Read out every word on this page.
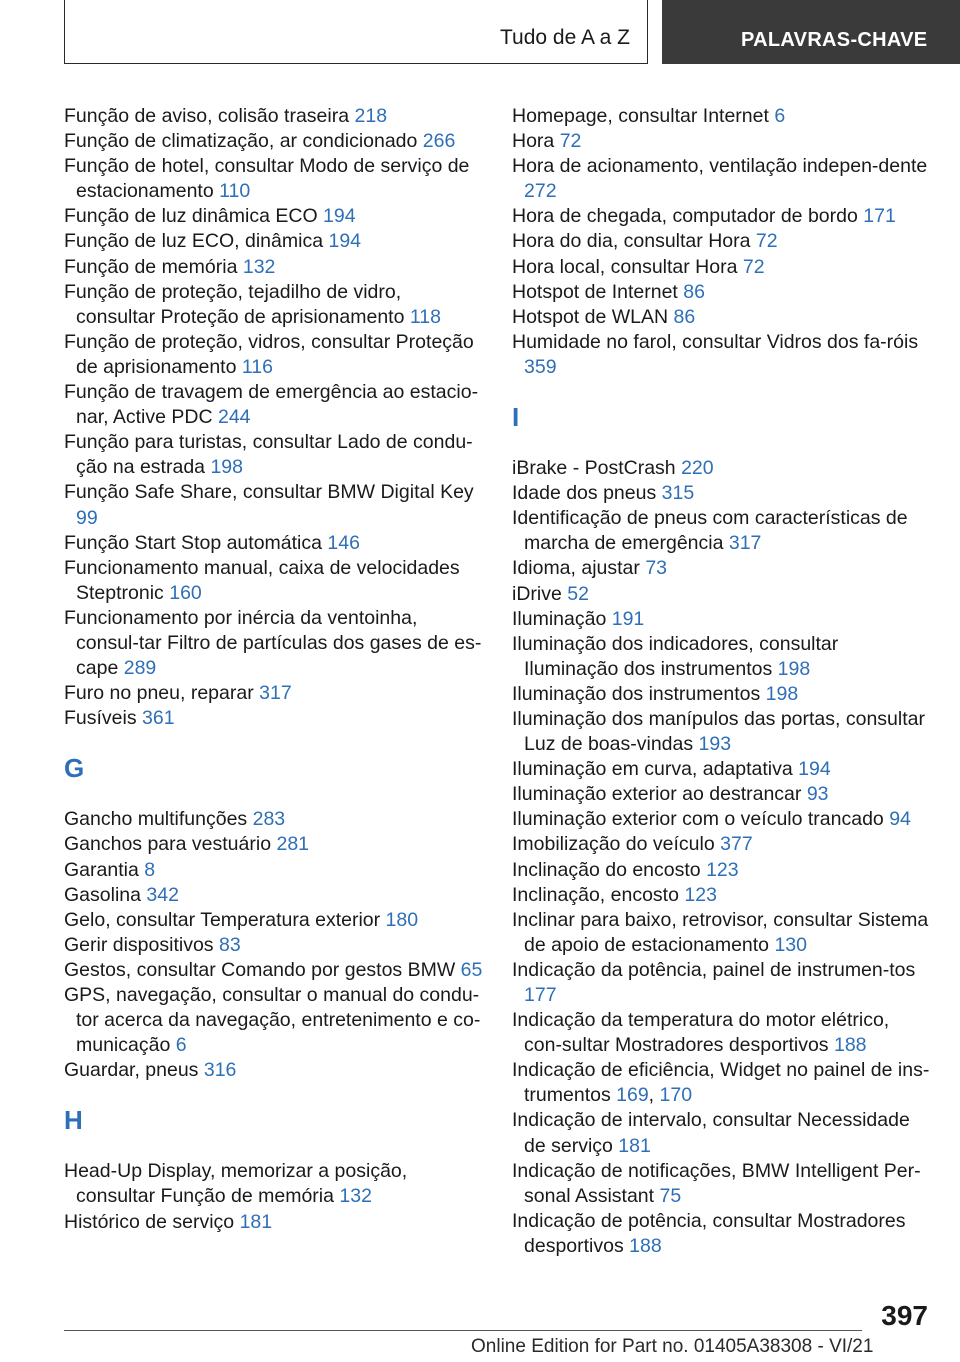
Tudo de A a Z	PALAVRAS-CHAVE
Função de aviso, colisão traseira 218
Função de climatização, ar condicionado 266
Função de hotel, consultar Modo de serviço de estacionamento 110
Função de luz dinâmica ECO 194
Função de luz ECO, dinâmica 194
Função de memória 132
Função de proteção, tejadilho de vidro, consultar Proteção de aprisionamento 118
Função de proteção, vidros, consultar Proteção de aprisionamento 116
Função de travagem de emergência ao estacio-nar, Active PDC 244
Função para turistas, consultar Lado de condu-ção na estrada 198
Função Safe Share, consultar BMW Digital Key 99
Função Start Stop automática 146
Funcionamento manual, caixa de velocidades Steptronic 160
Funcionamento por inércia da ventoinha, consul-tar Filtro de partículas dos gases de es-cape 289
Furo no pneu, reparar 317
Fusíveis 361
G
Gancho multifunções 283
Ganchos para vestuário 281
Garantia 8
Gasolina 342
Gelo, consultar Temperatura exterior 180
Gerir dispositivos 83
Gestos, consultar Comando por gestos BMW 65
GPS, navegação, consultar o manual do condu-tor acerca da navegação, entretenimento e co-municação 6
Guardar, pneus 316
H
Head-Up Display, memorizar a posição, consultar Função de memória 132
Histórico de serviço 181
Homepage, consultar Internet 6
Hora 72
Hora de acionamento, ventilação indepen-dente 272
Hora de chegada, computador de bordo 171
Hora do dia, consultar Hora 72
Hora local, consultar Hora 72
Hotspot de Internet 86
Hotspot de WLAN 86
Humidade no farol, consultar Vidros dos fa-róis 359
I
iBrake - PostCrash 220
Idade dos pneus 315
Identificação de pneus com características de marcha de emergência 317
Idioma, ajustar 73
iDrive 52
Iluminação 191
Iluminação dos indicadores, consultar Iluminação dos instrumentos 198
Iluminação dos instrumentos 198
Iluminação dos manípulos das portas, consultar Luz de boas-vindas 193
Iluminação em curva, adaptativa 194
Iluminação exterior ao destrancar 93
Iluminação exterior com o veículo trancado 94
Imobilização do veículo 377
Inclinação do encosto 123
Inclinação, encosto 123
Inclinar para baixo, retrovisor, consultar Sistema de apoio de estacionamento 130
Indicação da potência, painel de instrumen-tos 177
Indicação da temperatura do motor elétrico, con-sultar Mostradores desportivos 188
Indicação de eficiência, Widget no painel de ins-trumentos 169, 170
Indicação de intervalo, consultar Necessidade de serviço 181
Indicação de notificações, BMW Intelligent Per-sonal Assistant 75
Indicação de potência, consultar Mostradores desportivos 188
397
Online Edition for Part no. 01405A38308 - VI/21
